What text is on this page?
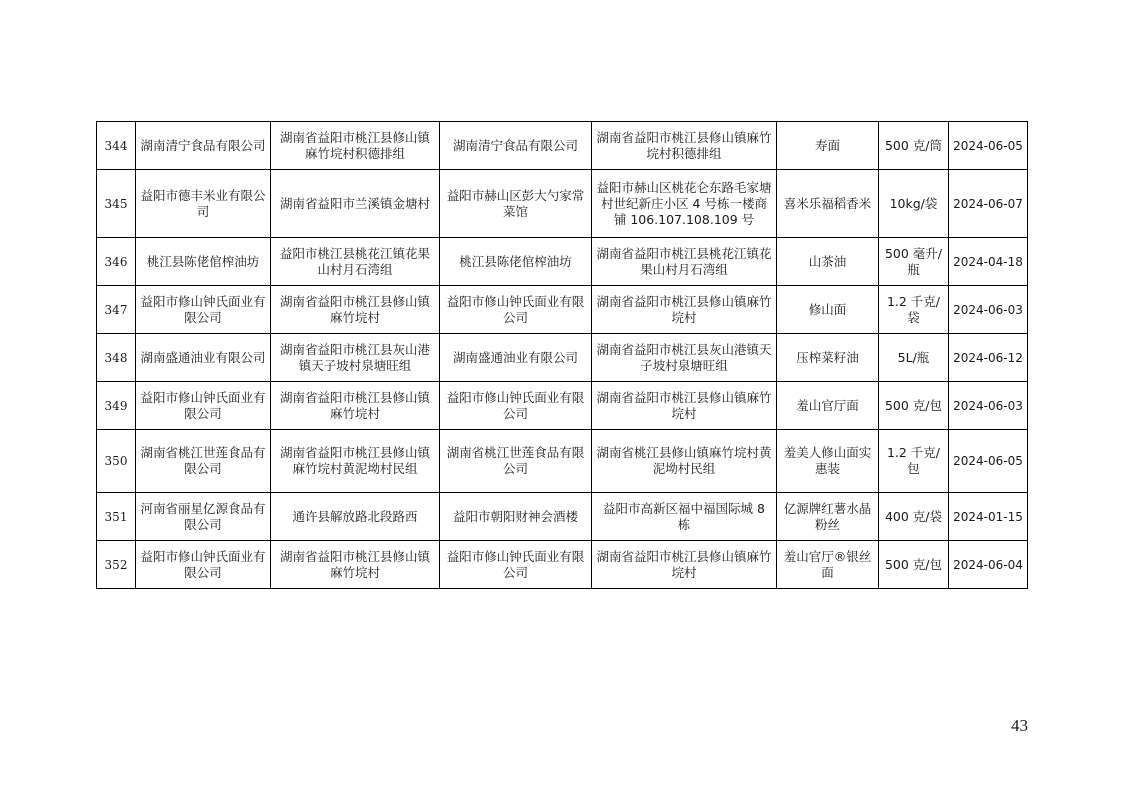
344	湖南清宁食品有限公司	湖南省益阳市桃江县修山镇麻竹垸村积德排组	湖南清宁食品有限公司	湖南省益阳市桃江县修山镇麻竹垸村积德排组	寿面	500 克/筒	2024-06-05
345	益阳市德丰米业有限公司	湖南省益阳市兰溪镇金塘村	益阳市赫山区彭大勺家常菜馆	益阳市赫山区桃花仑东路毛家塘村世纪新庄小区 4 号栋一楼商铺 106.107.108.109 号	喜米乐福稻香米	10kg/袋	2024-06-07
346	桃江县陈佬倌榨油坊	益阳市桃江县桃花江镇花果山村月石湾组	桃江县陈佬倌榨油坊	湖南省益阳市桃江县桃花江镇花果山村月石湾组	山茶油	500 毫升/瓶	2024-04-18
347	益阳市修山钟氏面业有限公司	湖南省益阳市桃江县修山镇麻竹垸村	益阳市修山钟氏面业有限公司	湖南省益阳市桃江县修山镇麻竹垸村	修山面	1.2 千克/袋	2024-06-03
348	湖南盛通油业有限公司	湖南省益阳市桃江县灰山港镇天子坡村泉塘旺组	湖南盛通油业有限公司	湖南省益阳市桃江县灰山港镇天子坡村泉塘旺组	压榨菜籽油	5L/瓶	2024-06-12
349	益阳市修山钟氏面业有限公司	湖南省益阳市桃江县修山镇麻竹垸村	益阳市修山钟氏面业有限公司	湖南省益阳市桃江县修山镇麻竹垸村	羞山官厅面	500 克/包	2024-06-03
350	湖南省桃江世莲食品有限公司	湖南省益阳市桃江县修山镇麻竹垸村黄泥坳村民组	湖南省桃江世莲食品有限公司	湖南省桃江县修山镇麻竹垸村黄泥坳村民组	羞美人修山面实惠装	1.2 千克/包	2024-06-05
351	河南省丽星亿源食品有限公司	通许县解放路北段路西	益阳市朝阳财神会酒楼	益阳市高新区福中福国际城 8 栋	亿源牌红薯水晶粉丝	400 克/袋	2024-01-15
352	益阳市修山钟氏面业有限公司	湖南省益阳市桃江县修山镇麻竹垸村	益阳市修山钟氏面业有限公司	湖南省益阳市桃江县修山镇麻竹垸村	羞山官厅®银丝面	500 克/包	2024-06-04
43
